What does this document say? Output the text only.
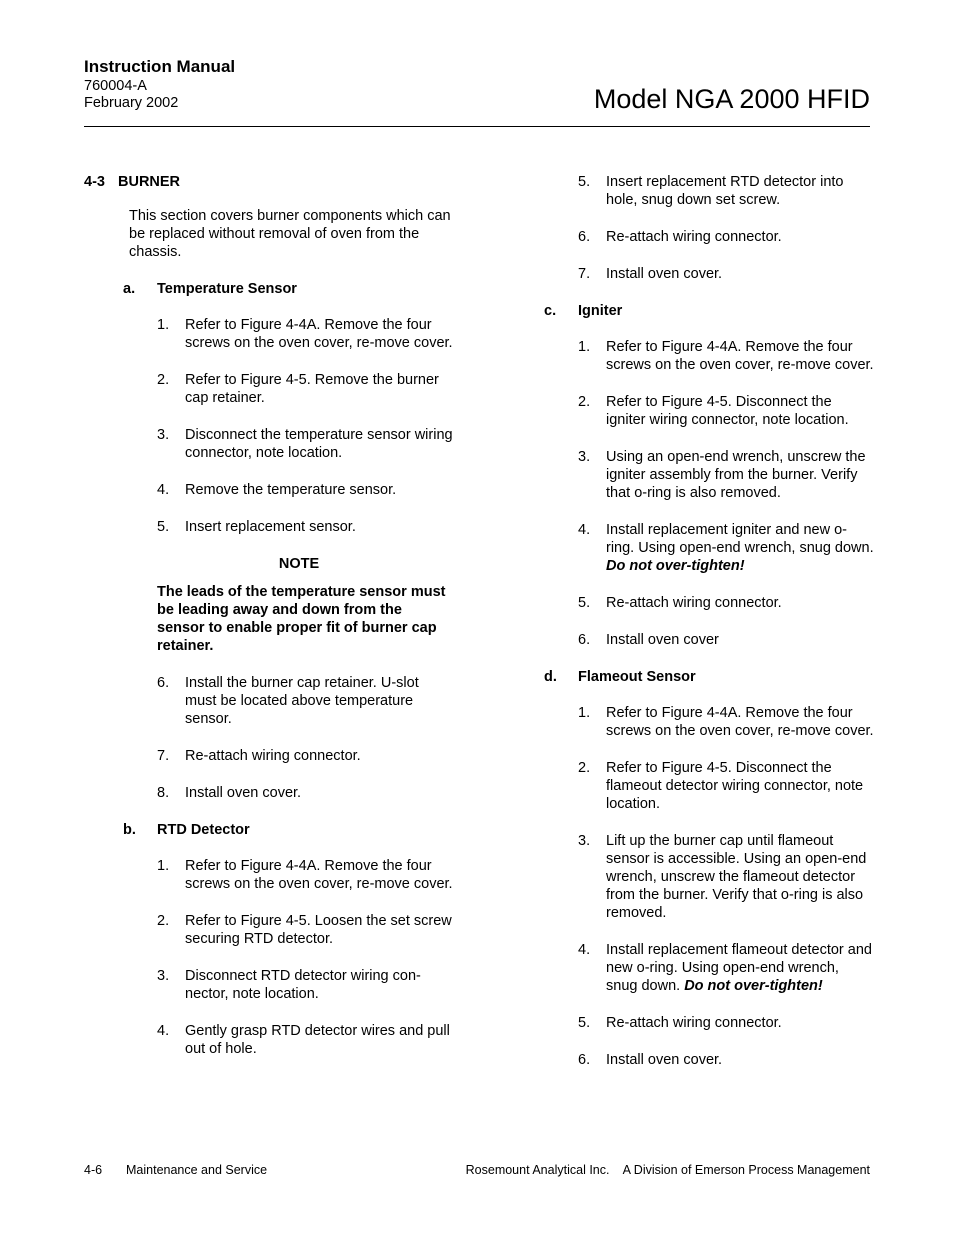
Instruction Manual
760004-A
February 2002	Model NGA 2000 HFID
4-3 BURNER
This section covers burner components which can be replaced without removal of oven from the chassis.
a. Temperature Sensor
1. Refer to Figure 4-4A. Remove the four screws on the oven cover, re-move cover.
2. Refer to Figure 4-5. Remove the burner cap retainer.
3. Disconnect the temperature sensor wiring connector, note location.
4. Remove the temperature sensor.
5. Insert replacement sensor.
NOTE
The leads of the temperature sensor must be leading away and down from the sensor to enable proper fit of burner cap retainer.
6. Install the burner cap retainer. U-slot must be located above temperature sensor.
7. Re-attach wiring connector.
8. Install oven cover.
b. RTD Detector
1. Refer to Figure 4-4A. Remove the four screws on the oven cover, re-move cover.
2. Refer to Figure 4-5. Loosen the set screw securing RTD detector.
3. Disconnect RTD detector wiring con-nector, note location.
4. Gently grasp RTD detector wires and pull out of hole.
5. Insert replacement RTD detector into hole, snug down set screw.
6. Re-attach wiring connector.
7. Install oven cover.
c. Igniter
1. Refer to Figure 4-4A. Remove the four screws on the oven cover, re-move cover.
2. Refer to Figure 4-5. Disconnect the igniter wiring connector, note location.
3. Using an open-end wrench, unscrew the igniter assembly from the burner. Verify that o-ring is also removed.
4. Install replacement igniter and new o-ring. Using open-end wrench, snug down. Do not over-tighten!
5. Re-attach wiring connector.
6. Install oven cover
d. Flameout Sensor
1. Refer to Figure 4-4A. Remove the four screws on the oven cover, re-move cover.
2. Refer to Figure 4-5. Disconnect the flameout detector wiring connector, note location.
3. Lift up the burner cap until flameout sensor is accessible. Using an open-end wrench, unscrew the flameout detector from the burner. Verify that o-ring is also removed.
4. Install replacement flameout detector and new o-ring. Using open-end wrench, snug down. Do not over-tighten!
5. Re-attach wiring connector.
6. Install oven cover.
4-6 Maintenance and Service	Rosemount Analytical Inc.    A Division of Emerson Process Management
